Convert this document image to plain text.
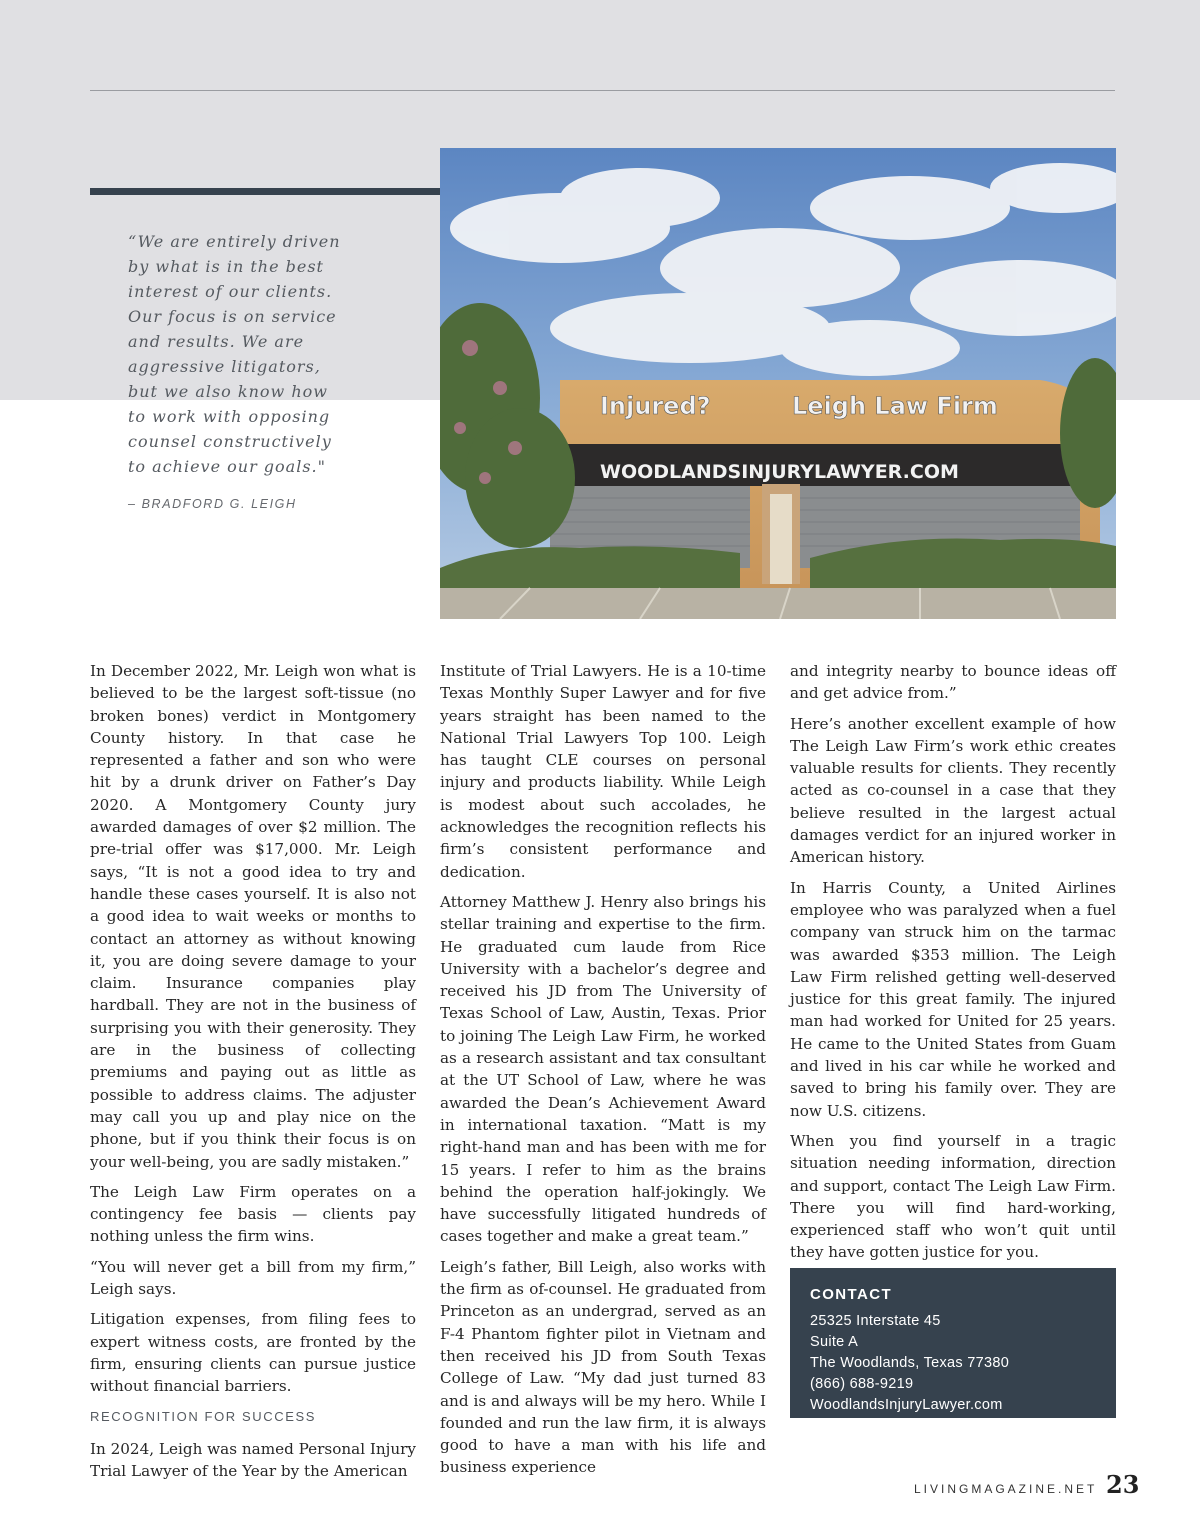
“We are entirely driven
by what is in the best
interest of our clients.
Our focus is on service
and results. We are
aggressive litigators,
but we also know how
to work with opposing
counsel constructively
to achieve our goals."

– BRADFORD G. LEIGH
Injured?	Leigh Law Firm
WOODLANDSINJURYLAWYER.COM

In December 2022, Mr. Leigh won what is believed to be the largest soft-tissue (no broken bones) verdict in Montgomery County history. In that case he represented a father and son who were hit by a drunk driver on Father’s Day 2020. A Montgomery County jury awarded damages of over $2 million. The pre-trial offer was $17,000. Mr. Leigh says, “It is not a good idea to try and handle these cases yourself. It is also not a good idea to wait weeks or months to contact an attorney as without knowing it, you are doing severe damage to your claim. Insurance companies play hardball. They are not in the business of surprising you with their generosity. They are in the business of collecting premiums and paying out as little as possible to address claims. The adjuster may call you up and play nice on the phone, but if you think their focus is on your well-being, you are sadly mistaken.”

The Leigh Law Firm operates on a contingency fee basis — clients pay nothing unless the firm wins.

“You will never get a bill from my firm,” Leigh says.

Litigation expenses, from filing fees to expert witness costs, are fronted by the firm, ensuring clients can pursue justice without financial barriers.

RECOGNITION FOR SUCCESS

In 2024, Leigh was named Personal Injury Trial Lawyer of the Year by the American

Institute of Trial Lawyers. He is a 10-time Texas Monthly Super Lawyer and for five years straight has been named to the National Trial Lawyers Top 100. Leigh has taught CLE courses on personal injury and products liability. While Leigh is modest about such accolades, he acknowledges the recognition reflects his firm’s consistent performance and dedication.

Attorney Matthew J. Henry also brings his stellar training and expertise to the firm. He graduated cum laude from Rice University with a bachelor’s degree and received his JD from The University of Texas School of Law, Austin, Texas. Prior to joining The Leigh Law Firm, he worked as a research assistant and tax consultant at the UT School of Law, where he was awarded the Dean’s Achievement Award in international taxation. “Matt is my right-hand man and has been with me for 15 years. I refer to him as the brains behind the operation half-jokingly. We have successfully litigated hundreds of cases together and make a great team.”

Leigh’s father, Bill Leigh, also works with the firm as of-counsel. He graduated from Princeton as an undergrad, served as an F-4 Phantom fighter pilot in Vietnam and then received his JD from South Texas College of Law. “My dad just turned 83 and is and always will be my hero. While I founded and run the law firm, it is always good to have a man with his life and business experience

and integrity nearby to bounce ideas off and get advice from.”

Here’s another excellent example of how The Leigh Law Firm’s work ethic creates valuable results for clients. They recently acted as co-counsel in a case that they believe resulted in the largest actual damages verdict for an injured worker in American history.

In Harris County, a United Airlines employee who was paralyzed when a fuel company van struck him on the tarmac was awarded $353 million. The Leigh Law Firm relished getting well-deserved justice for this great family. The injured man had worked for United for 25 years. He came to the United States from Guam and lived in his car while he worked and saved to bring his family over. They are now U.S. citizens.

When you find yourself in a tragic situation needing information, direction and support, contact The Leigh Law Firm. There you will find hard-working, experienced staff who won’t quit until they have gotten justice for you.

CONTACT
25325 Interstate 45
Suite A
The Woodlands, Texas 77380
(866) 688-9219
WoodlandsInjuryLawyer.com
LIVINGMAGAZINE.NET 23
